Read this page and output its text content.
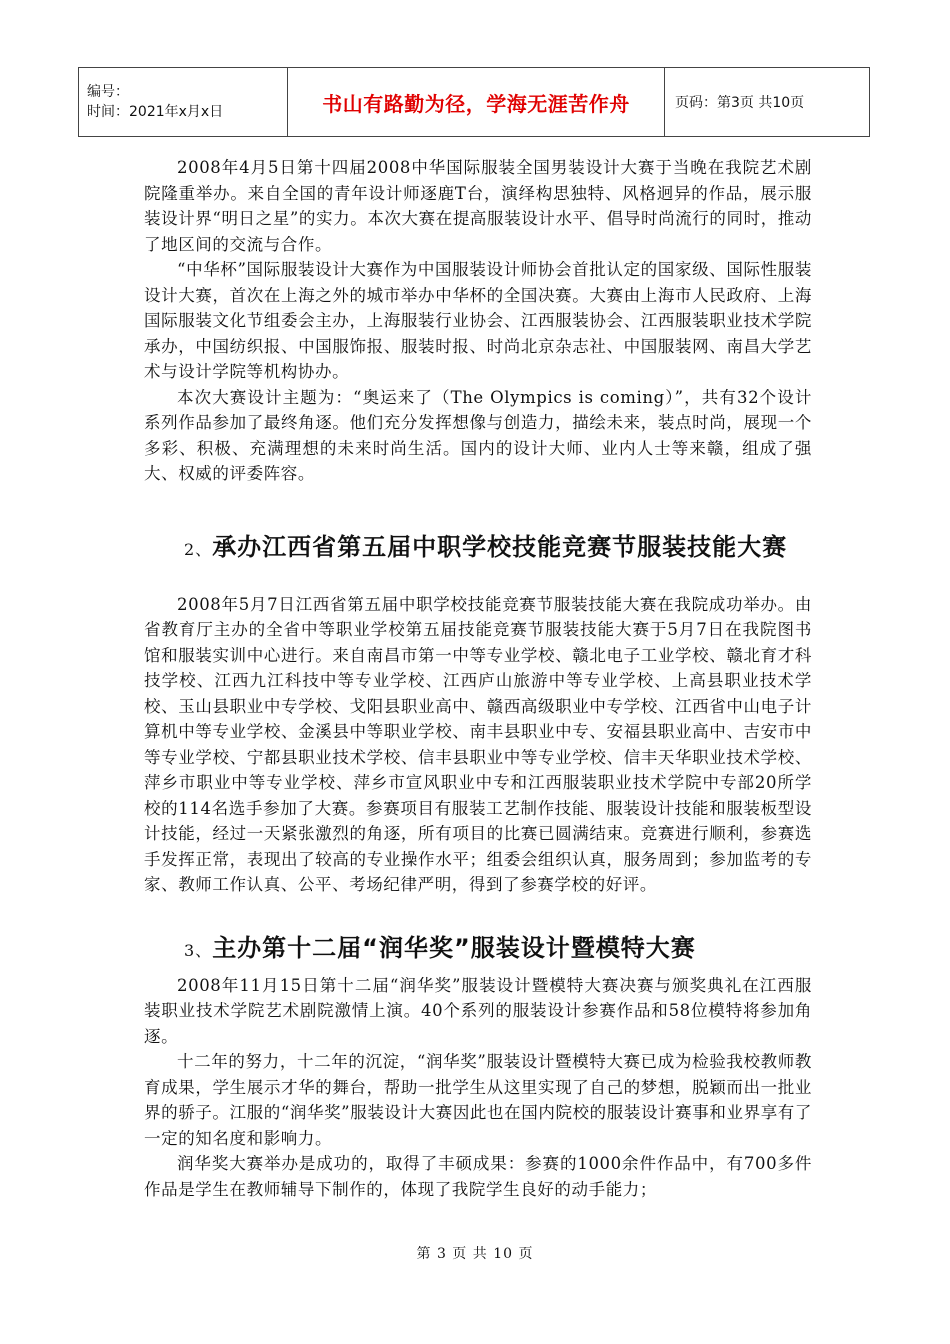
编号：
时间：2021年x月x日	书山有路勤为径，学海无涯苦作舟	页码：第3页 共10页

2008年4月5日第十四届2008中华国际服装全国男装设计大赛于当晚在我院艺术剧院隆重举办。来自全国的青年设计师逐鹿T台，演绎构思独特、风格迥异的作品，展示服装设计界“明日之星”的实力。本次大赛在提高服装设计水平、倡导时尚流行的同时，推动了地区间的交流与合作。

“中华杯”国际服装设计大赛作为中国服装设计师协会首批认定的国家级、国际性服装设计大赛，首次在上海之外的城市举办中华杯的全国决赛。大赛由上海市人民政府、上海国际服装文化节组委会主办，上海服装行业协会、江西服装协会、江西服装职业技术学院承办，中国纺织报、中国服饰报、服装时报、时尚北京杂志社、中国服装网、南昌大学艺术与设计学院等机构协办。

本次大赛设计主题为：“奥运来了（The Olympics is coming）”，共有32个设计系列作品参加了最终角逐。他们充分发挥想像与创造力，描绘未来，装点时尚，展现一个多彩、积极、充满理想的未来时尚生活。国内的设计大师、业内人士等来赣，组成了强大、权威的评委阵容。

2、承办江西省第五届中职学校技能竞赛节服装技能大赛

2008年5月7日江西省第五届中职学校技能竞赛节服装技能大赛在我院成功举办。由省教育厅主办的全省中等职业学校第五届技能竞赛节服装技能大赛于5月7日在我院图书馆和服装实训中心进行。来自南昌市第一中等专业学校、赣北电子工业学校、赣北育才科技学校、江西九江科技中等专业学校、江西庐山旅游中等专业学校、上高县职业技术学校、玉山县职业中专学校、戈阳县职业高中、赣西高级职业中专学校、江西省中山电子计算机中等专业学校、金溪县中等职业学校、南丰县职业中专、安福县职业高中、吉安市中等专业学校、宁都县职业技术学校、信丰县职业中等专业学校、信丰天华职业技术学校、萍乡市职业中等专业学校、萍乡市宣风职业中专和江西服装职业技术学院中专部20所学校的114名选手参加了大赛。参赛项目有服装工艺制作技能、服装设计技能和服装板型设计技能，经过一天紧张激烈的角逐，所有项目的比赛已圆满结束。竞赛进行顺利，参赛选手发挥正常，表现出了较高的专业操作水平；组委会组织认真，服务周到；参加监考的专家、教师工作认真、公平、考场纪律严明，得到了参赛学校的好评。

3、主办第十二届“润华奖”服装设计暨模特大赛

2008年11月15日第十二届“润华奖”服装设计暨模特大赛决赛与颁奖典礼在江西服装职业技术学院艺术剧院激情上演。40个系列的服装设计参赛作品和58位模特将参加角逐。

十二年的努力，十二年的沉淀，“润华奖”服装设计暨模特大赛已成为检验我校教师教育成果，学生展示才华的舞台，帮助一批学生从这里实现了自己的梦想，脱颖而出一批业界的骄子。江服的“润华奖”服装设计大赛因此也在国内院校的服装设计赛事和业界享有了一定的知名度和影响力。

润华奖大赛举办是成功的，取得了丰硕成果：参赛的1000余件作品中，有700多件作品是学生在教师辅导下制作的，体现了我院学生良好的动手能力；

第 3 页 共 10 页
